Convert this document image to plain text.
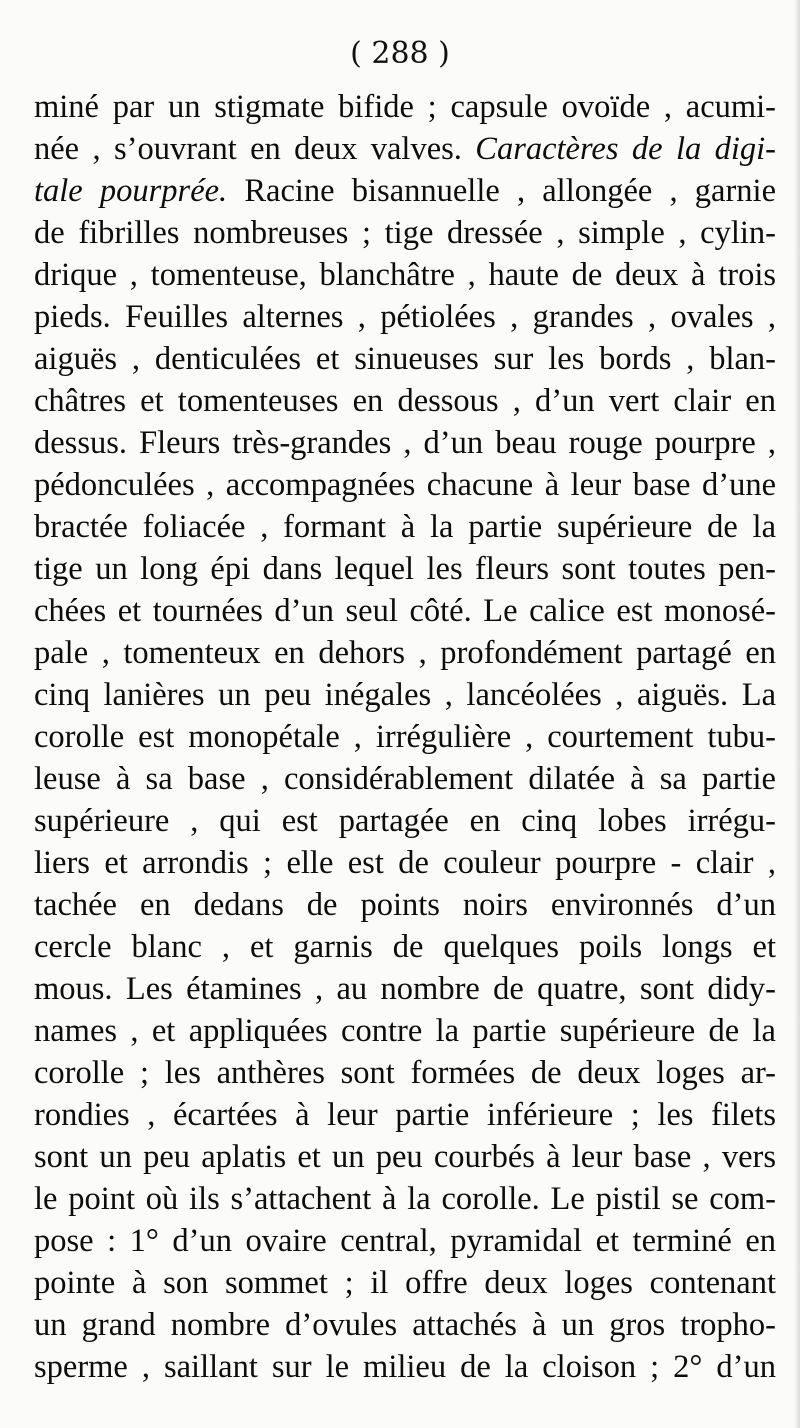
( 288 )
miné par un stigmate bifide ; capsule ovoïde , acumi-
née , s’ouvrant en deux valves. Caractères de la digi-
tale pourprée. Racine bisannuelle , allongée , garnie
de fibrilles nombreuses ; tige dressée , simple , cylin-
drique , tomenteuse, blanchâtre , haute de deux à trois
pieds. Feuilles alternes , pétiolées , grandes , ovales ,
aiguës , denticulées et sinueuses sur les bords , blan-
châtres et tomenteuses en dessous , d’un vert clair en
dessus. Fleurs très-grandes , d’un beau rouge pourpre ,
pédonculées , accompagnées chacune à leur base d’une
bractée foliacée , formant à la partie supérieure de la
tige un long épi dans lequel les fleurs sont toutes pen-
chées et tournées d’un seul côté. Le calice est monosé-
pale , tomenteux en dehors , profondément partagé en
cinq lanières un peu inégales , lancéolées , aiguës. La
corolle est monopétale , irrégulière , courtement tubu-
leuse à sa base , considérablement dilatée à sa partie
supérieure , qui est partagée en cinq lobes irrégu-
liers et arrondis ; elle est de couleur pourpre - clair ,
tachée en dedans de points noirs environnés d’un
cercle blanc , et garnis de quelques poils longs et
mous. Les étamines , au nombre de quatre, sont didy-
names , et appliquées contre la partie supérieure de la
corolle ; les anthères sont formées de deux loges ar-
rondies , écartées à leur partie inférieure ; les filets
sont un peu aplatis et un peu courbés à leur base , vers
le point où ils s’attachent à la corolle. Le pistil se com-
pose : 1° d’un ovaire central, pyramidal et terminé en
pointe à son sommet ; il offre deux loges contenant
un grand nombre d’ovules attachés à un gros tropho-
sperme , saillant sur le milieu de la cloison ; 2° d’un
